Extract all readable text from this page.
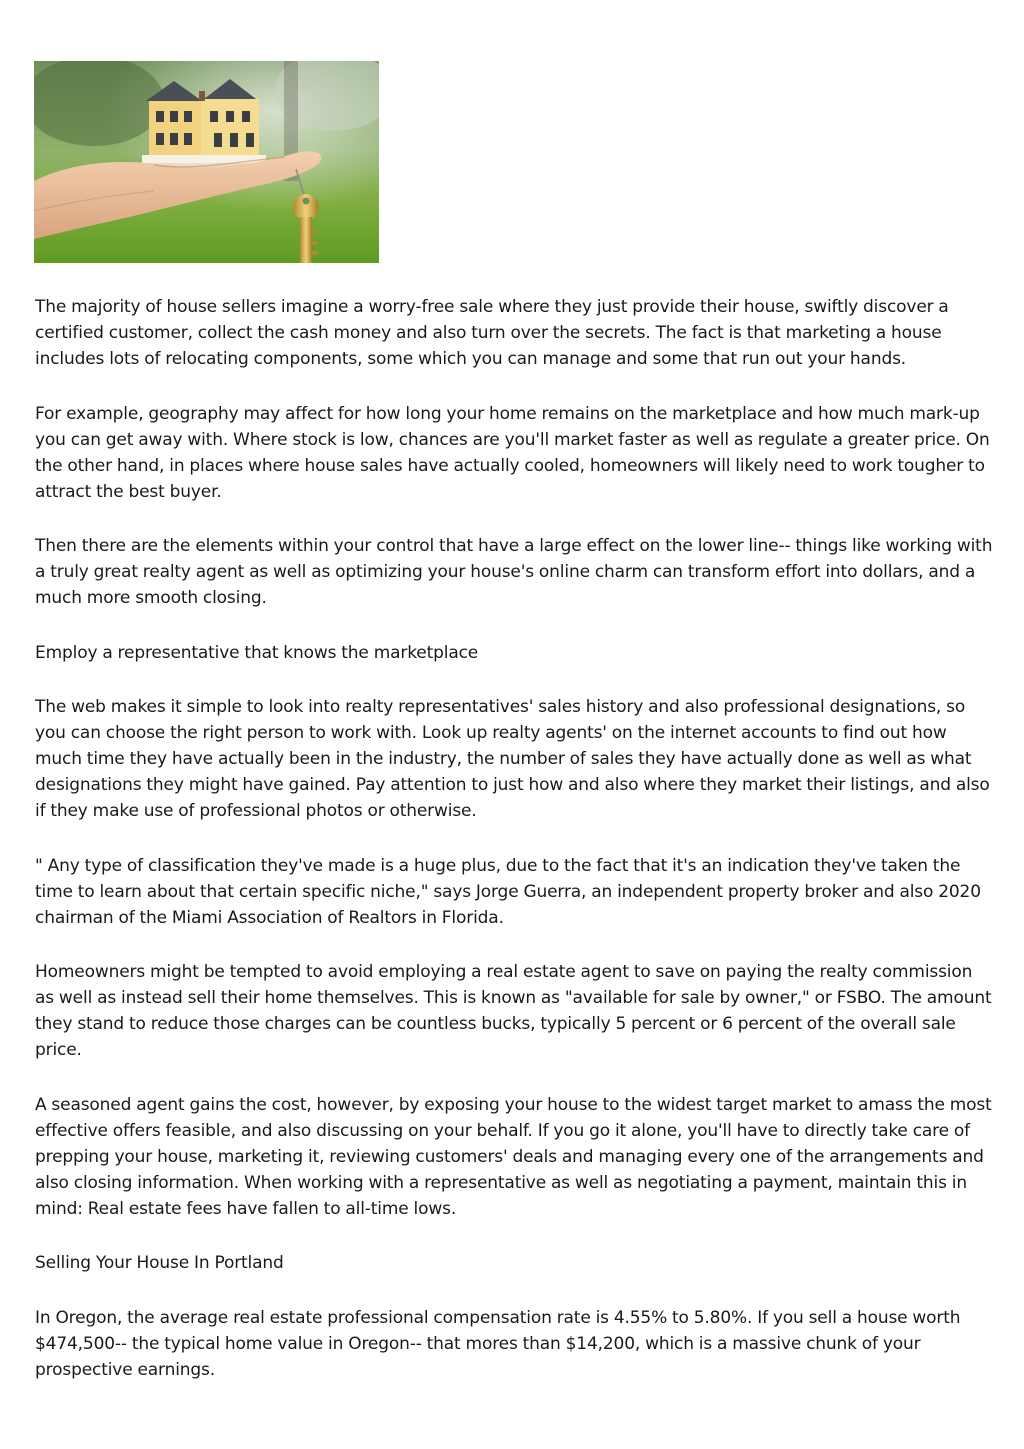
The majority of house sellers imagine a worry-free sale where they just provide their house, swiftly discover a certified customer, collect the cash money and also turn over the secrets. The fact is that marketing a house includes lots of relocating components, some which you can manage and some that run out your hands.

For example, geography may affect for how long your home remains on the marketplace and how much mark-up you can get away with. Where stock is low, chances are you'll market faster as well as regulate a greater price. On the other hand, in places where house sales have actually cooled, homeowners will likely need to work tougher to attract the best buyer.

Then there are the elements within your control that have a large effect on the lower line-- things like working with a truly great realty agent as well as optimizing your house's online charm can transform effort into dollars, and a much more smooth closing.

Employ a representative that knows the marketplace

The web makes it simple to look into realty representatives' sales history and also professional designations, so you can choose the right person to work with. Look up realty agents' on the internet accounts to find out how much time they have actually been in the industry, the number of sales they have actually done as well as what designations they might have gained. Pay attention to just how and also where they market their listings, and also if they make use of professional photos or otherwise.

" Any type of classification they've made is a huge plus, due to the fact that it's an indication they've taken the time to learn about that certain specific niche," says Jorge Guerra, an independent property broker and also 2020 chairman of the Miami Association of Realtors in Florida.

Homeowners might be tempted to avoid employing a real estate agent to save on paying the realty commission as well as instead sell their home themselves. This is known as "available for sale by owner," or FSBO. The amount they stand to reduce those charges can be countless bucks, typically 5 percent or 6 percent of the overall sale price.

A seasoned agent gains the cost, however, by exposing your house to the widest target market to amass the most effective offers feasible, and also discussing on your behalf. If you go it alone, you'll have to directly take care of prepping your house, marketing it, reviewing customers' deals and managing every one of the arrangements and also closing information. When working with a representative as well as negotiating a payment, maintain this in mind: Real estate fees have fallen to all-time lows.

Selling Your House In Portland

In Oregon, the average real estate professional compensation rate is 4.55% to 5.80%. If you sell a house worth $474,500-- the typical home value in Oregon-- that mores than $14,200, which is a massive chunk of your prospective earnings.
